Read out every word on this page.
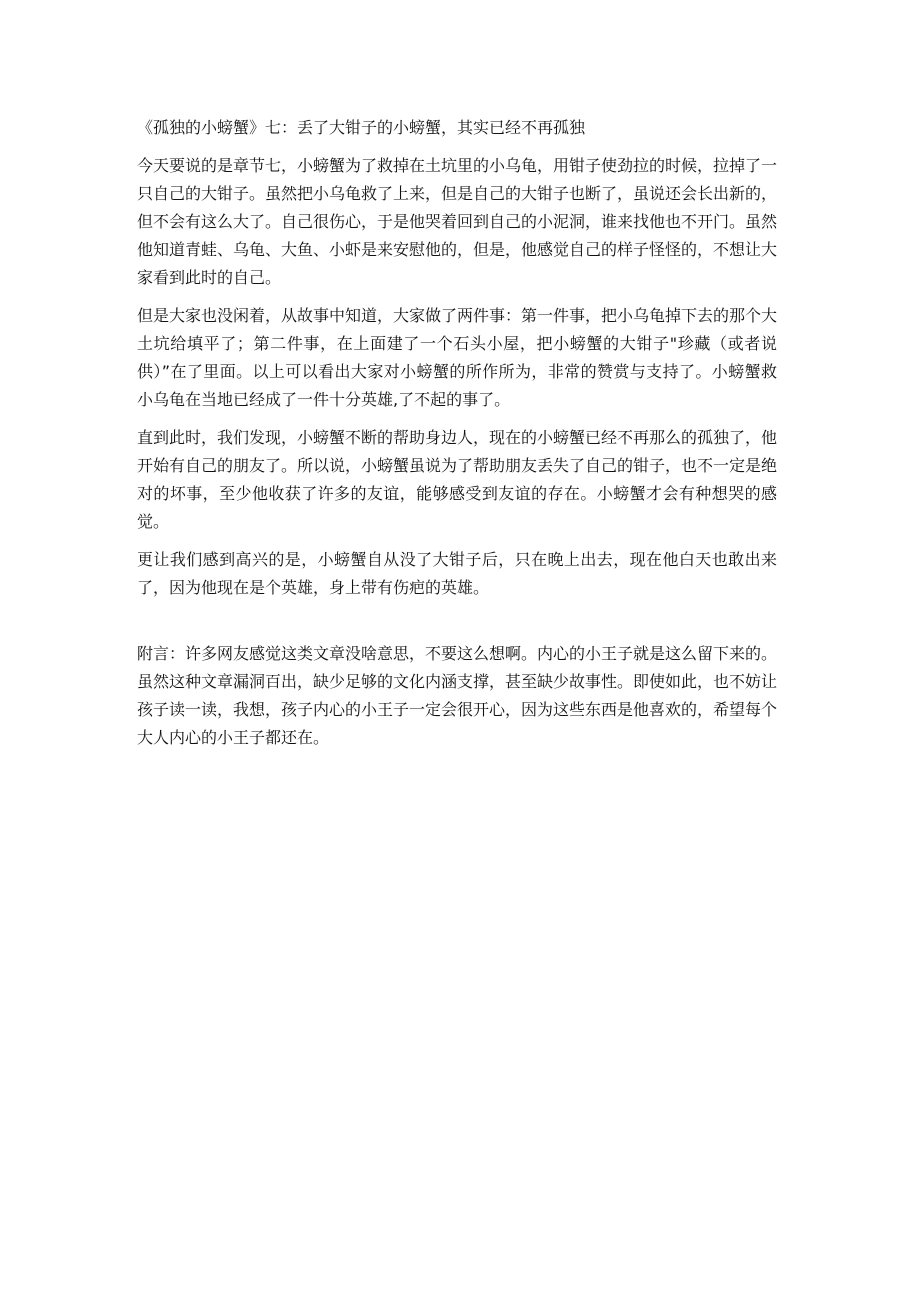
《孤独的小螃蟹》七：丢了大钳子的小螃蟹，其实已经不再孤独

今天要说的是章节七，小螃蟹为了救掉在土坑里的小乌龟，用钳子使劲拉的时候，拉掉了一只自己的大钳子。虽然把小乌龟救了上来，但是自己的大钳子也断了，虽说还会长出新的，但不会有这么大了。自己很伤心，于是他哭着回到自己的小泥洞，谁来找他也不开门。虽然他知道青蛙、乌龟、大鱼、小虾是来安慰他的，但是，他感觉自己的样子怪怪的，不想让大家看到此时的自己。

但是大家也没闲着，从故事中知道，大家做了两件事：第一件事，把小乌龟掉下去的那个大土坑给填平了；第二件事，在上面建了一个石头小屋，把小螃蟹的大钳子"珍藏（或者说供）”在了里面。以上可以看出大家对小螃蟹的所作所为，非常的赞赏与支持了。小螃蟹救小乌龟在当地已经成了一件十分英雄,了不起的事了。

直到此时，我们发现，小螃蟹不断的帮助身边人，现在的小螃蟹已经不再那么的孤独了，他开始有自己的朋友了。所以说，小螃蟹虽说为了帮助朋友丢失了自己的钳子，也不一定是绝对的坏事，至少他收获了许多的友谊，能够感受到友谊的存在。小螃蟹才会有种想哭的感觉。

更让我们感到高兴的是，小螃蟹自从没了大钳子后，只在晚上出去，现在他白天也敢出来了，因为他现在是个英雄，身上带有伤疤的英雄。

附言：许多网友感觉这类文章没啥意思，不要这么想啊。内心的小王子就是这么留下来的。虽然这种文章漏洞百出，缺少足够的文化内涵支撑，甚至缺少故事性。即使如此，也不妨让孩子读一读，我想，孩子内心的小王子一定会很开心，因为这些东西是他喜欢的，希望每个大人内心的小王子都还在。
